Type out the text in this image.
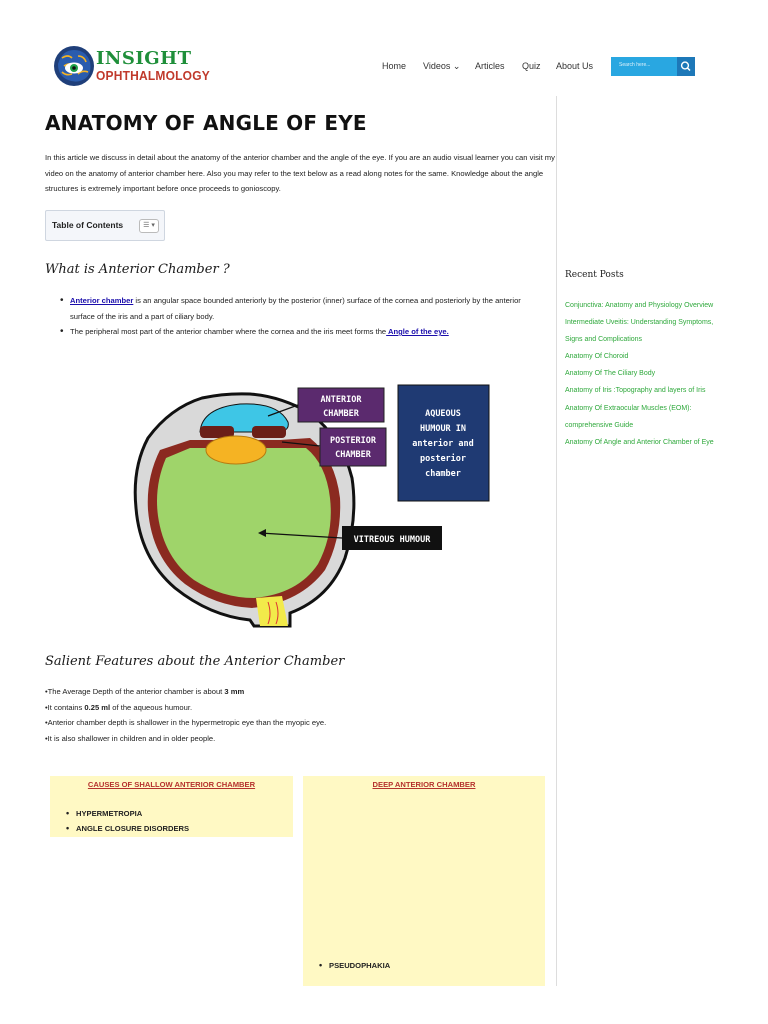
INSIGHT
OPHTHALMOLOGY
Home Videos ⌄ Articles Quiz About Us	Search here...
ANATOMY OF ANGLE OF EYE
In this article we discuss in detail about the anatomy of the anterior chamber and the angle of the eye. If you are an audio visual learner you can visit my video on the anatomy of anterior chamber here. Also you may refer to the text below as a read along notes for the same. Knowledge about the angle structures is extremely important before once proceeds to gonioscopy.
Table of Contents	☰ ▾
What is Anterior Chamber ?
• Anterior chamber is an angular space bounded anteriorly by the posterior (inner) surface of the cornea and posteriorly by the anterior surface of the iris and a part of ciliary body.
• The peripheral most part of the anterior chamber where the cornea and the iris meet forms the Angle of the eye.
ANTERIOR
CHAMBER
POSTERIOR
CHAMBER
AQUEOUS
HUMOUR IN
anterior and
posterior
chamber
VITREOUS HUMOUR
Salient Features about the Anterior Chamber
•The Average Depth of the anterior chamber is about 3 mm
•It contains 0.25 ml of the aqueous humour.
•Anterior chamber depth is shallower in the hypermetropic eye than the myopic eye.
•It is also shallower in children and in older people.
CAUSES OF SHALLOW ANTERIOR CHAMBER
• HYPERMETROPIA
• ANGLE CLOSURE DISORDERS
DEEP ANTERIOR CHAMBER
• PSEUDOPHAKIA
Recent Posts
Conjunctiva: Anatomy and Physiology Overview
Intermediate Uveitis: Understanding Symptoms, Signs and Complications
Anatomy Of Choroid
Anatomy Of The Ciliary Body
Anatomy of Iris :Topography and layers of Iris
Anatomy Of Extraocular Muscles (EOM): comprehensive Guide
Anatomy Of Angle and Anterior Chamber of Eye
